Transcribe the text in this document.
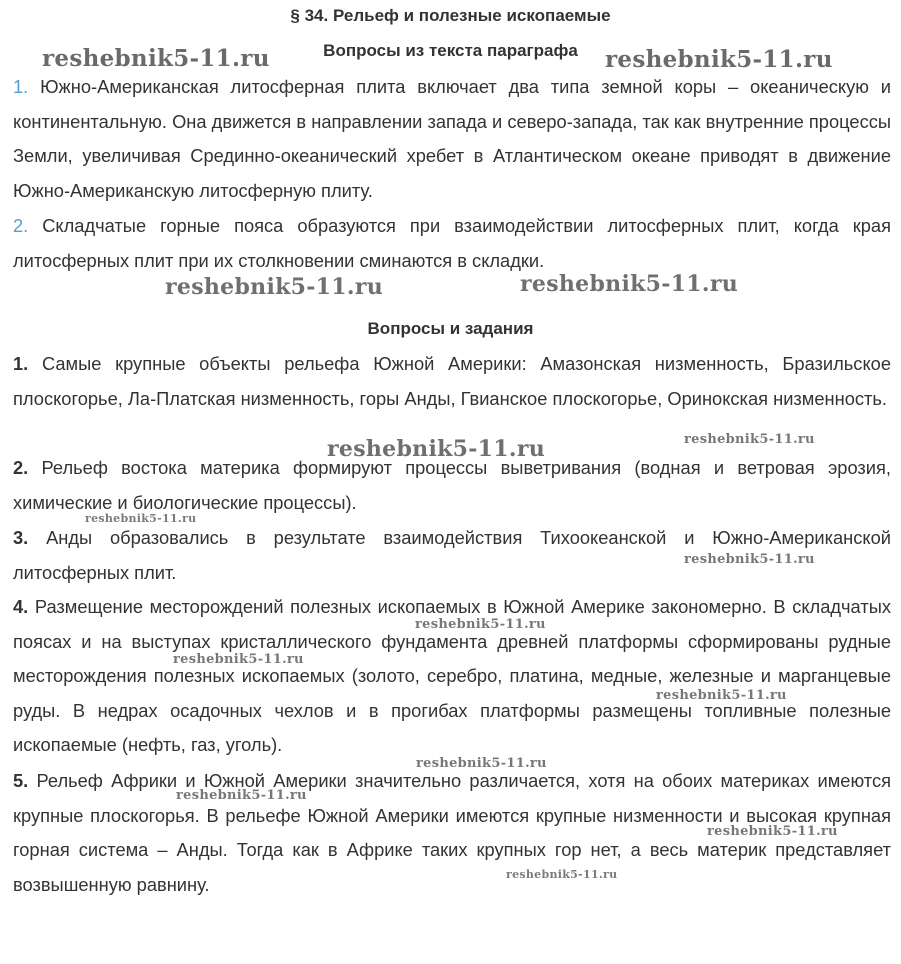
§ 34. Рельеф и полезные ископаемые
Вопросы из текста параграфа
1. Южно-Американская литосферная плита включает два типа земной коры – океаническую и континентальную. Она движется в направлении запада и северо-запада, так как внутренние процессы Земли, увеличивая Срединно-океанический хребет в Атлантическом океане приводят в движение Южно-Американскую литосферную плиту.
2. Складчатые горные пояса образуются при взаимодействии литосферных плит, когда края литосферных плит при их столкновении сминаются в складки.
Вопросы и задания
1. Самые крупные объекты рельефа Южной Америки: Амазонская низменность, Бразильское плоскогорье, Ла-Платская низменность, горы Анды, Гвианское плоскогорье, Оринокская низменность.
2. Рельеф востока материка формируют процессы выветривания (водная и ветровая эрозия, химические и биологические процессы).
3. Анды образовались в результате взаимодействия Тихоокеанской и Южно-Американской литосферных плит.
4. Размещение месторождений полезных ископаемых в Южной Америке закономерно. В складчатых поясах и на выступах кристаллического фундамента древней платформы сформированы рудные месторождения полезных ископаемых (золото, серебро, платина, медные, железные и марганцевые руды. В недрах осадочных чехлов и в прогибах платформы размещены топливные полезные ископаемые (нефть, газ, уголь).
5. Рельеф Африки и Южной Америки значительно различается, хотя на обоих материках имеются крупные плоскогорья. В рельефе Южной Америки имеются крупные низменности и высокая крупная горная система – Анды. Тогда как в Африке таких крупных гор нет, а весь материк представляет возвышенную равнину.
reshebnik5-11.ru	reshebnik5-11.ru
reshebnik5-11.ru	reshebnik5-11.ru
reshebnik5-11.ru	reshebnik5-11.ru
reshebnik5-11.ru
reshebnik5-11.ru
reshebnik5-11.ru
reshebnik5-11.ru
reshebnik5-11.ru
reshebnik5-11.ru
reshebnik5-11.ru
reshebnik5-11.ru
reshebnik5-11.ru
